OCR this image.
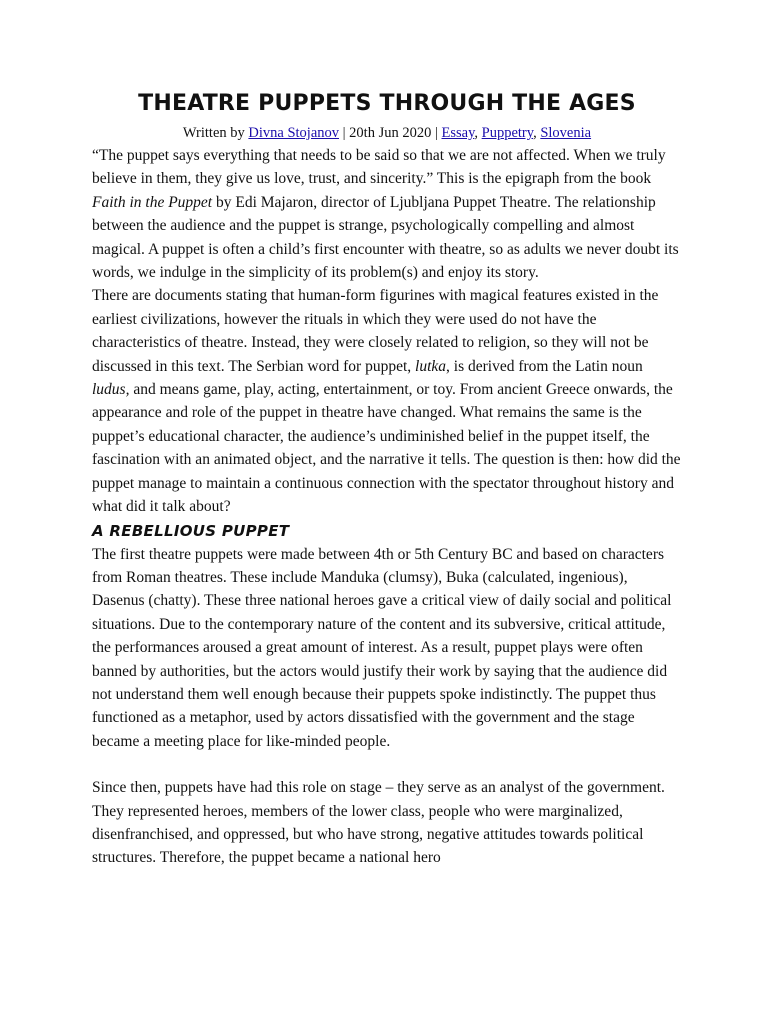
THEATRE PUPPETS THROUGH THE AGES

Written by Divna Stojanov | 20th Jun 2020 | Essay, Puppetry, Slovenia

“The puppet says everything that needs to be said so that we are not affected. When we truly believe in them, they give us love, trust, and sincerity.” This is the epigraph from the book Faith in the Puppet by Edi Majaron, director of Ljubljana Puppet Theatre. The relationship between the audience and the puppet is strange, psychologically compelling and almost magical. A puppet is often a child’s first encounter with theatre, so as adults we never doubt its words, we indulge in the simplicity of its problem(s) and enjoy its story.

There are documents stating that human-form figurines with magical features existed in the earliest civilizations, however the rituals in which they were used do not have the characteristics of theatre. Instead, they were closely related to religion, so they will not be discussed in this text. The Serbian word for puppet, lutka, is derived from the Latin noun ludus, and means game, play, acting, entertainment, or toy. From ancient Greece onwards, the appearance and role of the puppet in theatre have changed. What remains the same is the puppet’s educational character, the audience’s undiminished belief in the puppet itself, the fascination with an animated object, and the narrative it tells. The question is then: how did the puppet manage to maintain a continuous connection with the spectator throughout history and what did it talk about?

A REBELLIOUS PUPPET

The first theatre puppets were made between 4th or 5th Century BC and based on characters from Roman theatres. These include Manduka (clumsy), Buka (calculated, ingenious), Dasenus (chatty). These three national heroes gave a critical view of daily social and political situations. Due to the contemporary nature of the content and its subversive, critical attitude, the performances aroused a great amount of interest. As a result, puppet plays were often banned by authorities, but the actors would justify their work by saying that the audience did not understand them well enough because their puppets spoke indistinctly. The puppet thus functioned as a metaphor, used by actors dissatisfied with the government and the stage became a meeting place for like-minded people.

Since then, puppets have had this role on stage – they serve as an analyst of the government. They represented heroes, members of the lower class, people who were marginalized, disenfranchised, and oppressed, but who have strong, negative attitudes towards political structures. Therefore, the puppet became a national hero
